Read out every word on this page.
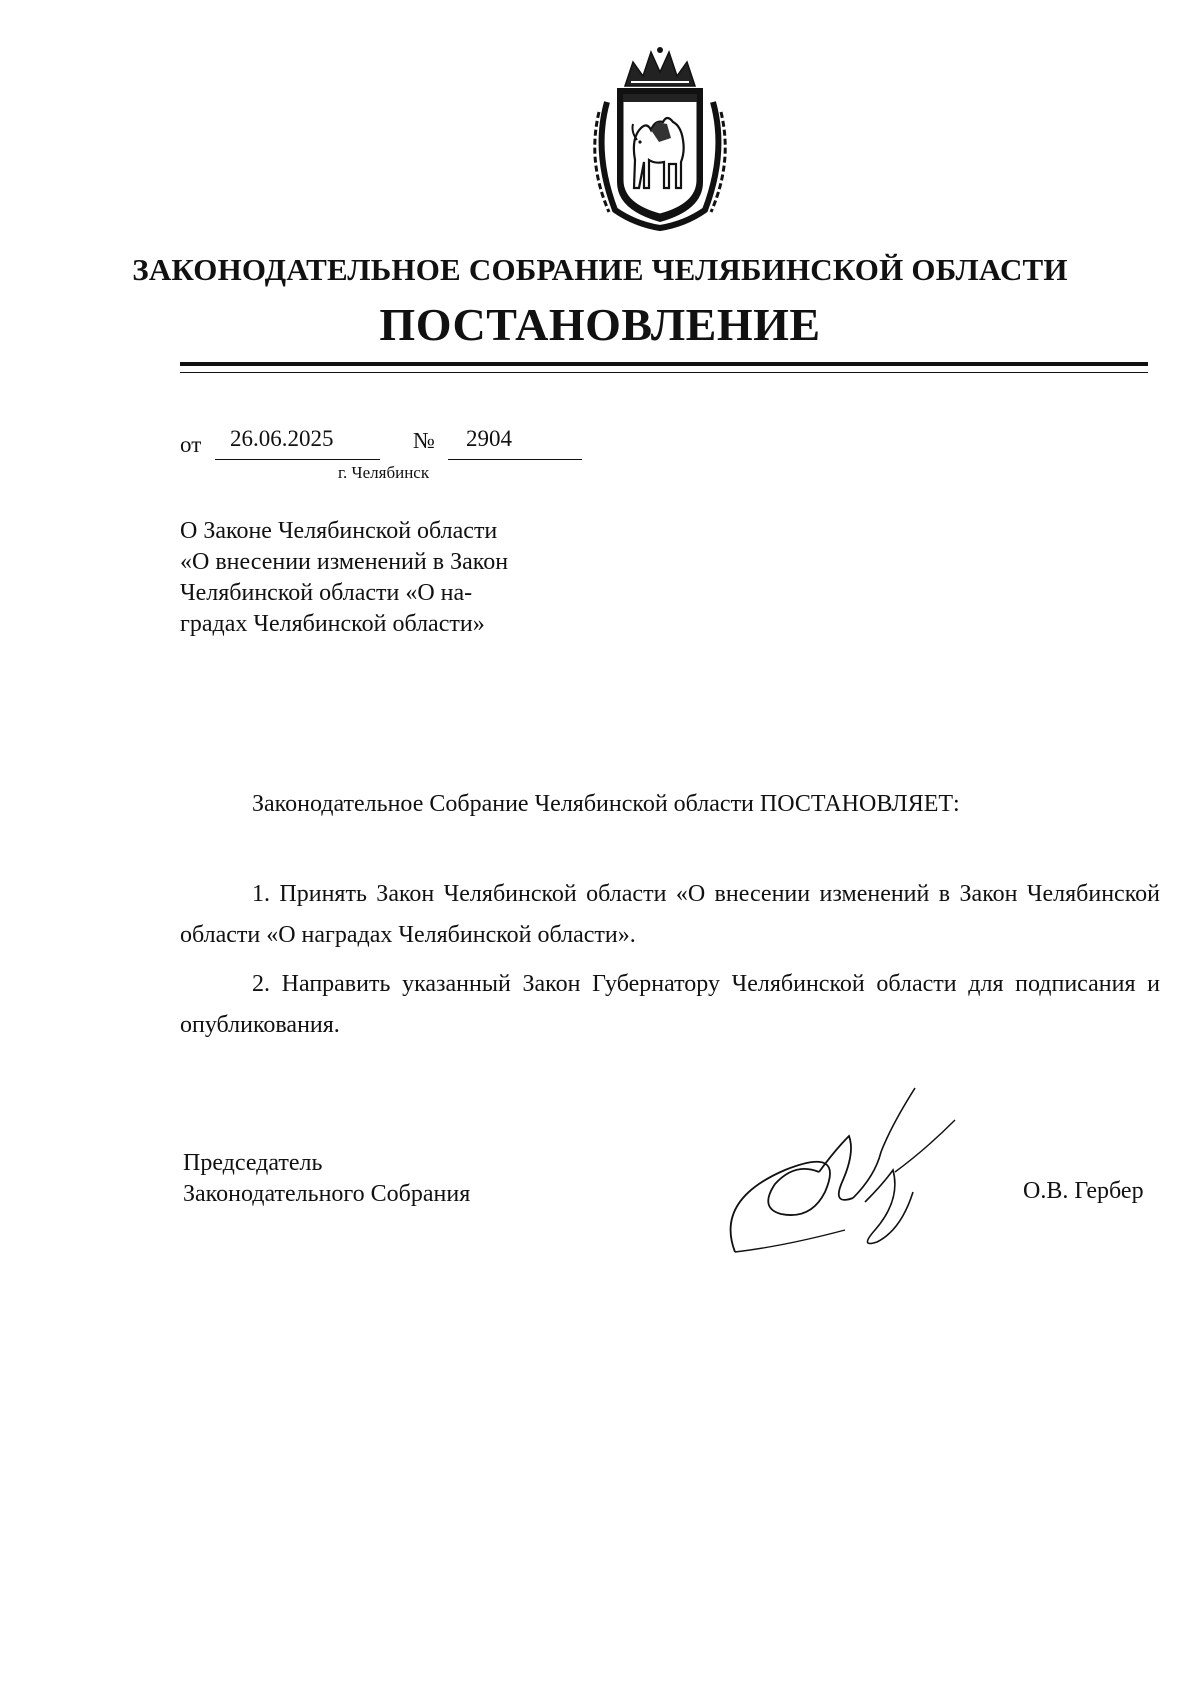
ЗАКОНОДАТЕЛЬНОЕ СОБРАНИЕ ЧЕЛЯБИНСКОЙ ОБЛАСТИ
ПОСТАНОВЛЕНИЕ
от 26.06.2025	№ 2904
г. Челябинск
О Законе Челябинской области
«О внесении изменений в Закон
Челябинской области «О на-
градах Челябинской области»
Законодательное Собрание Челябинской области ПОСТАНОВЛЯЕТ:
1. Принять Закон Челябинской области «О внесении изменений в Закон Челябинской области «О наградах Челябинской области».
2. Направить указанный Закон Губернатору Челябинской области для подписания и опубликования.
Председатель
Законодательного Собрания	О.В. Гербер
